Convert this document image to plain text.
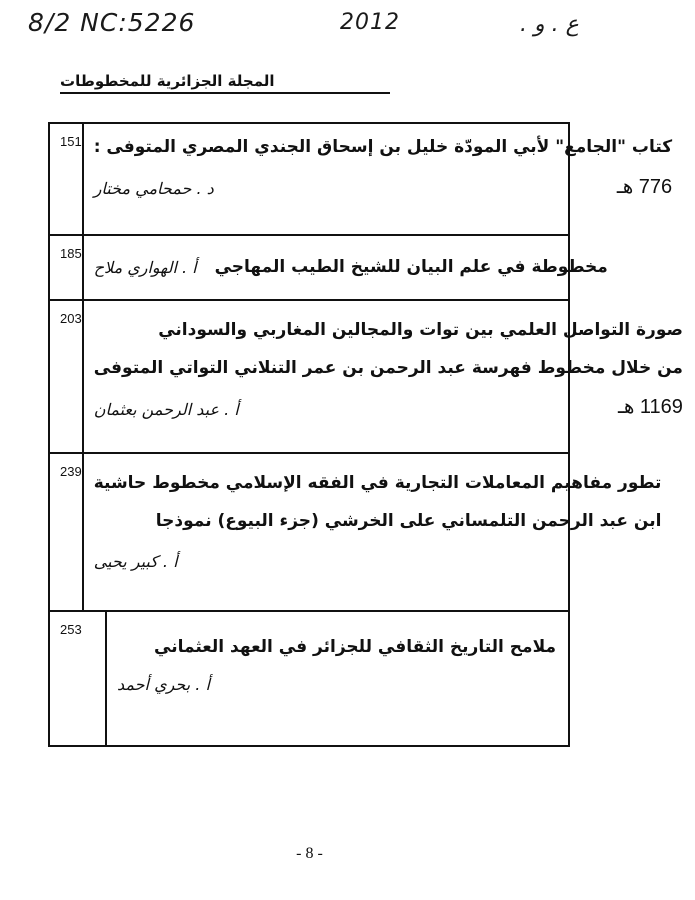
8/2 NC:5226	2012	ع . و .
المجلة الجزائرية للمخطوطات
151 كتاب "الجامع" لأبي المودّة خليل بن إسحاق الجندي المصري المتوفى :
776 هـ
د . حمحامي مختار
185
مخطوطة في علم البيان للشيخ الطيب المهاجي
أ . الهواري ملاح
203
صورة التواصل العلمي بين توات والمجالين المغاربي والسوداني
من خلال مخطوط فهرسة عبد الرحمن بن عمر التنلاني التواتي المتوفى
1169 هـ
أ . عبد الرحمن بعثمان
239
تطور مفاهيم المعاملات التجارية في الفقه الإسلامي مخطوط حاشية
ابن عبد الرحمن التلمساني على الخرشي (جزء البيوع) نموذجا
أ . كبير يحيى
253
ملامح التاريخ الثقافي للجزائر في العهد العثماني
أ . بحري أحمد
- 8 -
